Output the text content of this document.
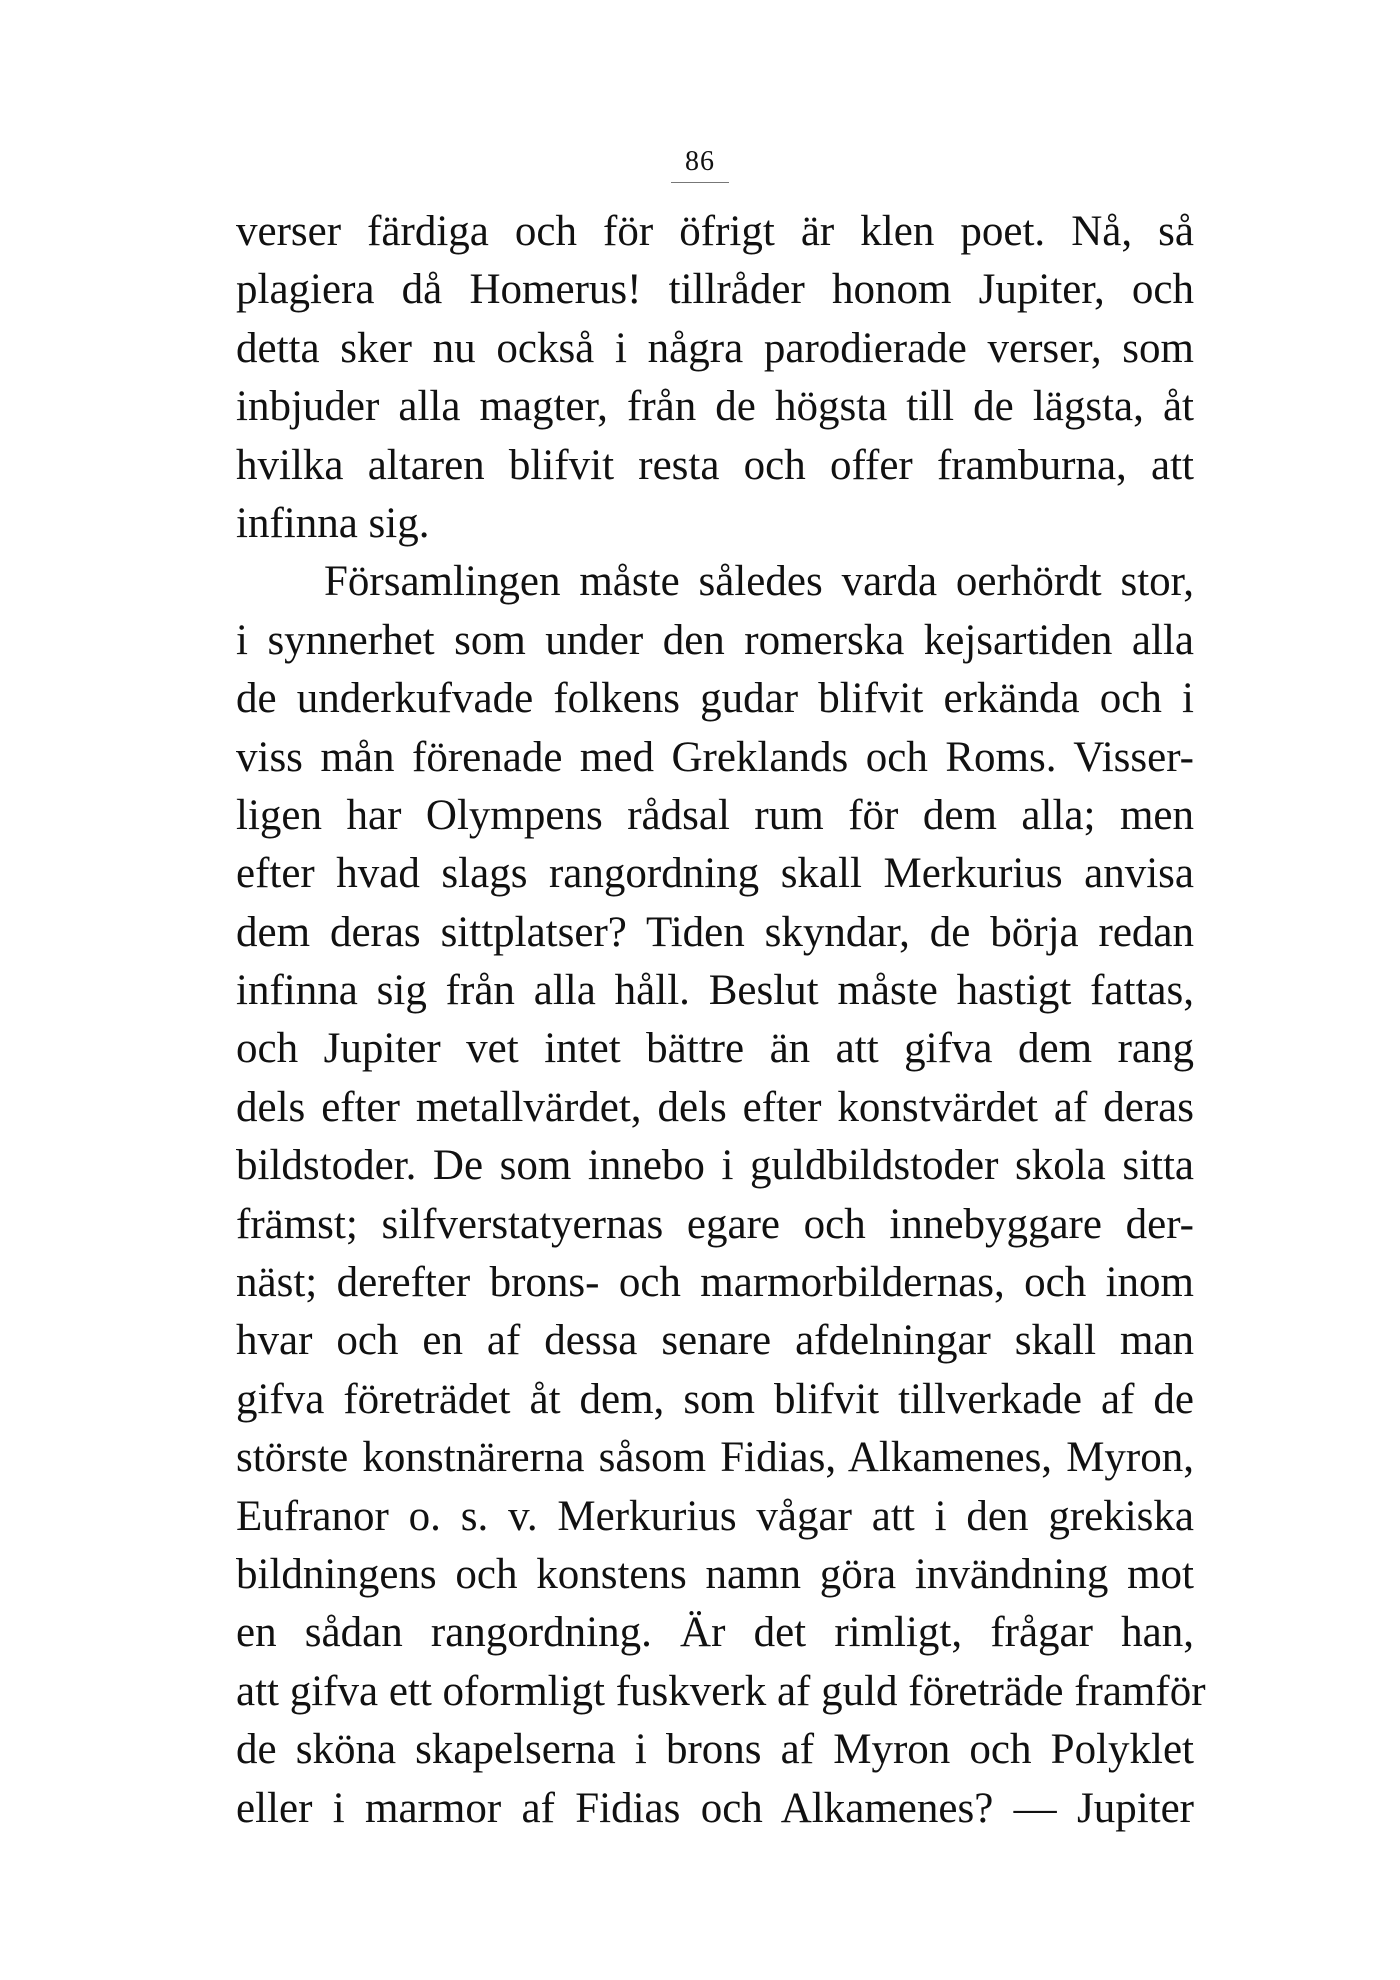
86
verser färdiga och för öfrigt är klen poet. Nå, så
plagiera då Homerus! tillråder honom Jupiter, och
detta sker nu också i några parodierade verser, som
inbjuder alla magter, från de högsta till de lägsta, åt
hvilka altaren blifvit resta och offer framburna, att
infinna sig.
Församlingen måste således varda oerhördt stor,
i synnerhet som under den romerska kejsartiden alla
de underkufvade folkens gudar blifvit erkända och i
viss mån förenade med Greklands och Roms. Visser-
ligen har Olympens rådsal rum för dem alla; men
efter hvad slags rangordning skall Merkurius anvisa
dem deras sittplatser? Tiden skyndar, de börja redan
infinna sig från alla håll. Beslut måste hastigt fattas,
och Jupiter vet intet bättre än att gifva dem rang
dels efter metallvärdet, dels efter konstvärdet af deras
bildstoder. De som innebo i guldbildstoder skola sitta
främst; silfverstatyernas egare och innebyggare der-
näst; derefter brons- och marmorbildernas, och inom
hvar och en af dessa senare afdelningar skall man
gifva företrädet åt dem, som blifvit tillverkade af de
störste konstnärerna såsom Fidias, Alkamenes, Myron,
Eufranor o. s. v. Merkurius vågar att i den grekiska
bildningens och konstens namn göra invändning mot
en sådan rangordning. Är det rimligt, frågar han,
att gifva ett oformligt fuskverk af guld företräde framför
de sköna skapelserna i brons af Myron och Polyklet
eller i marmor af Fidias och Alkamenes? — Jupiter
